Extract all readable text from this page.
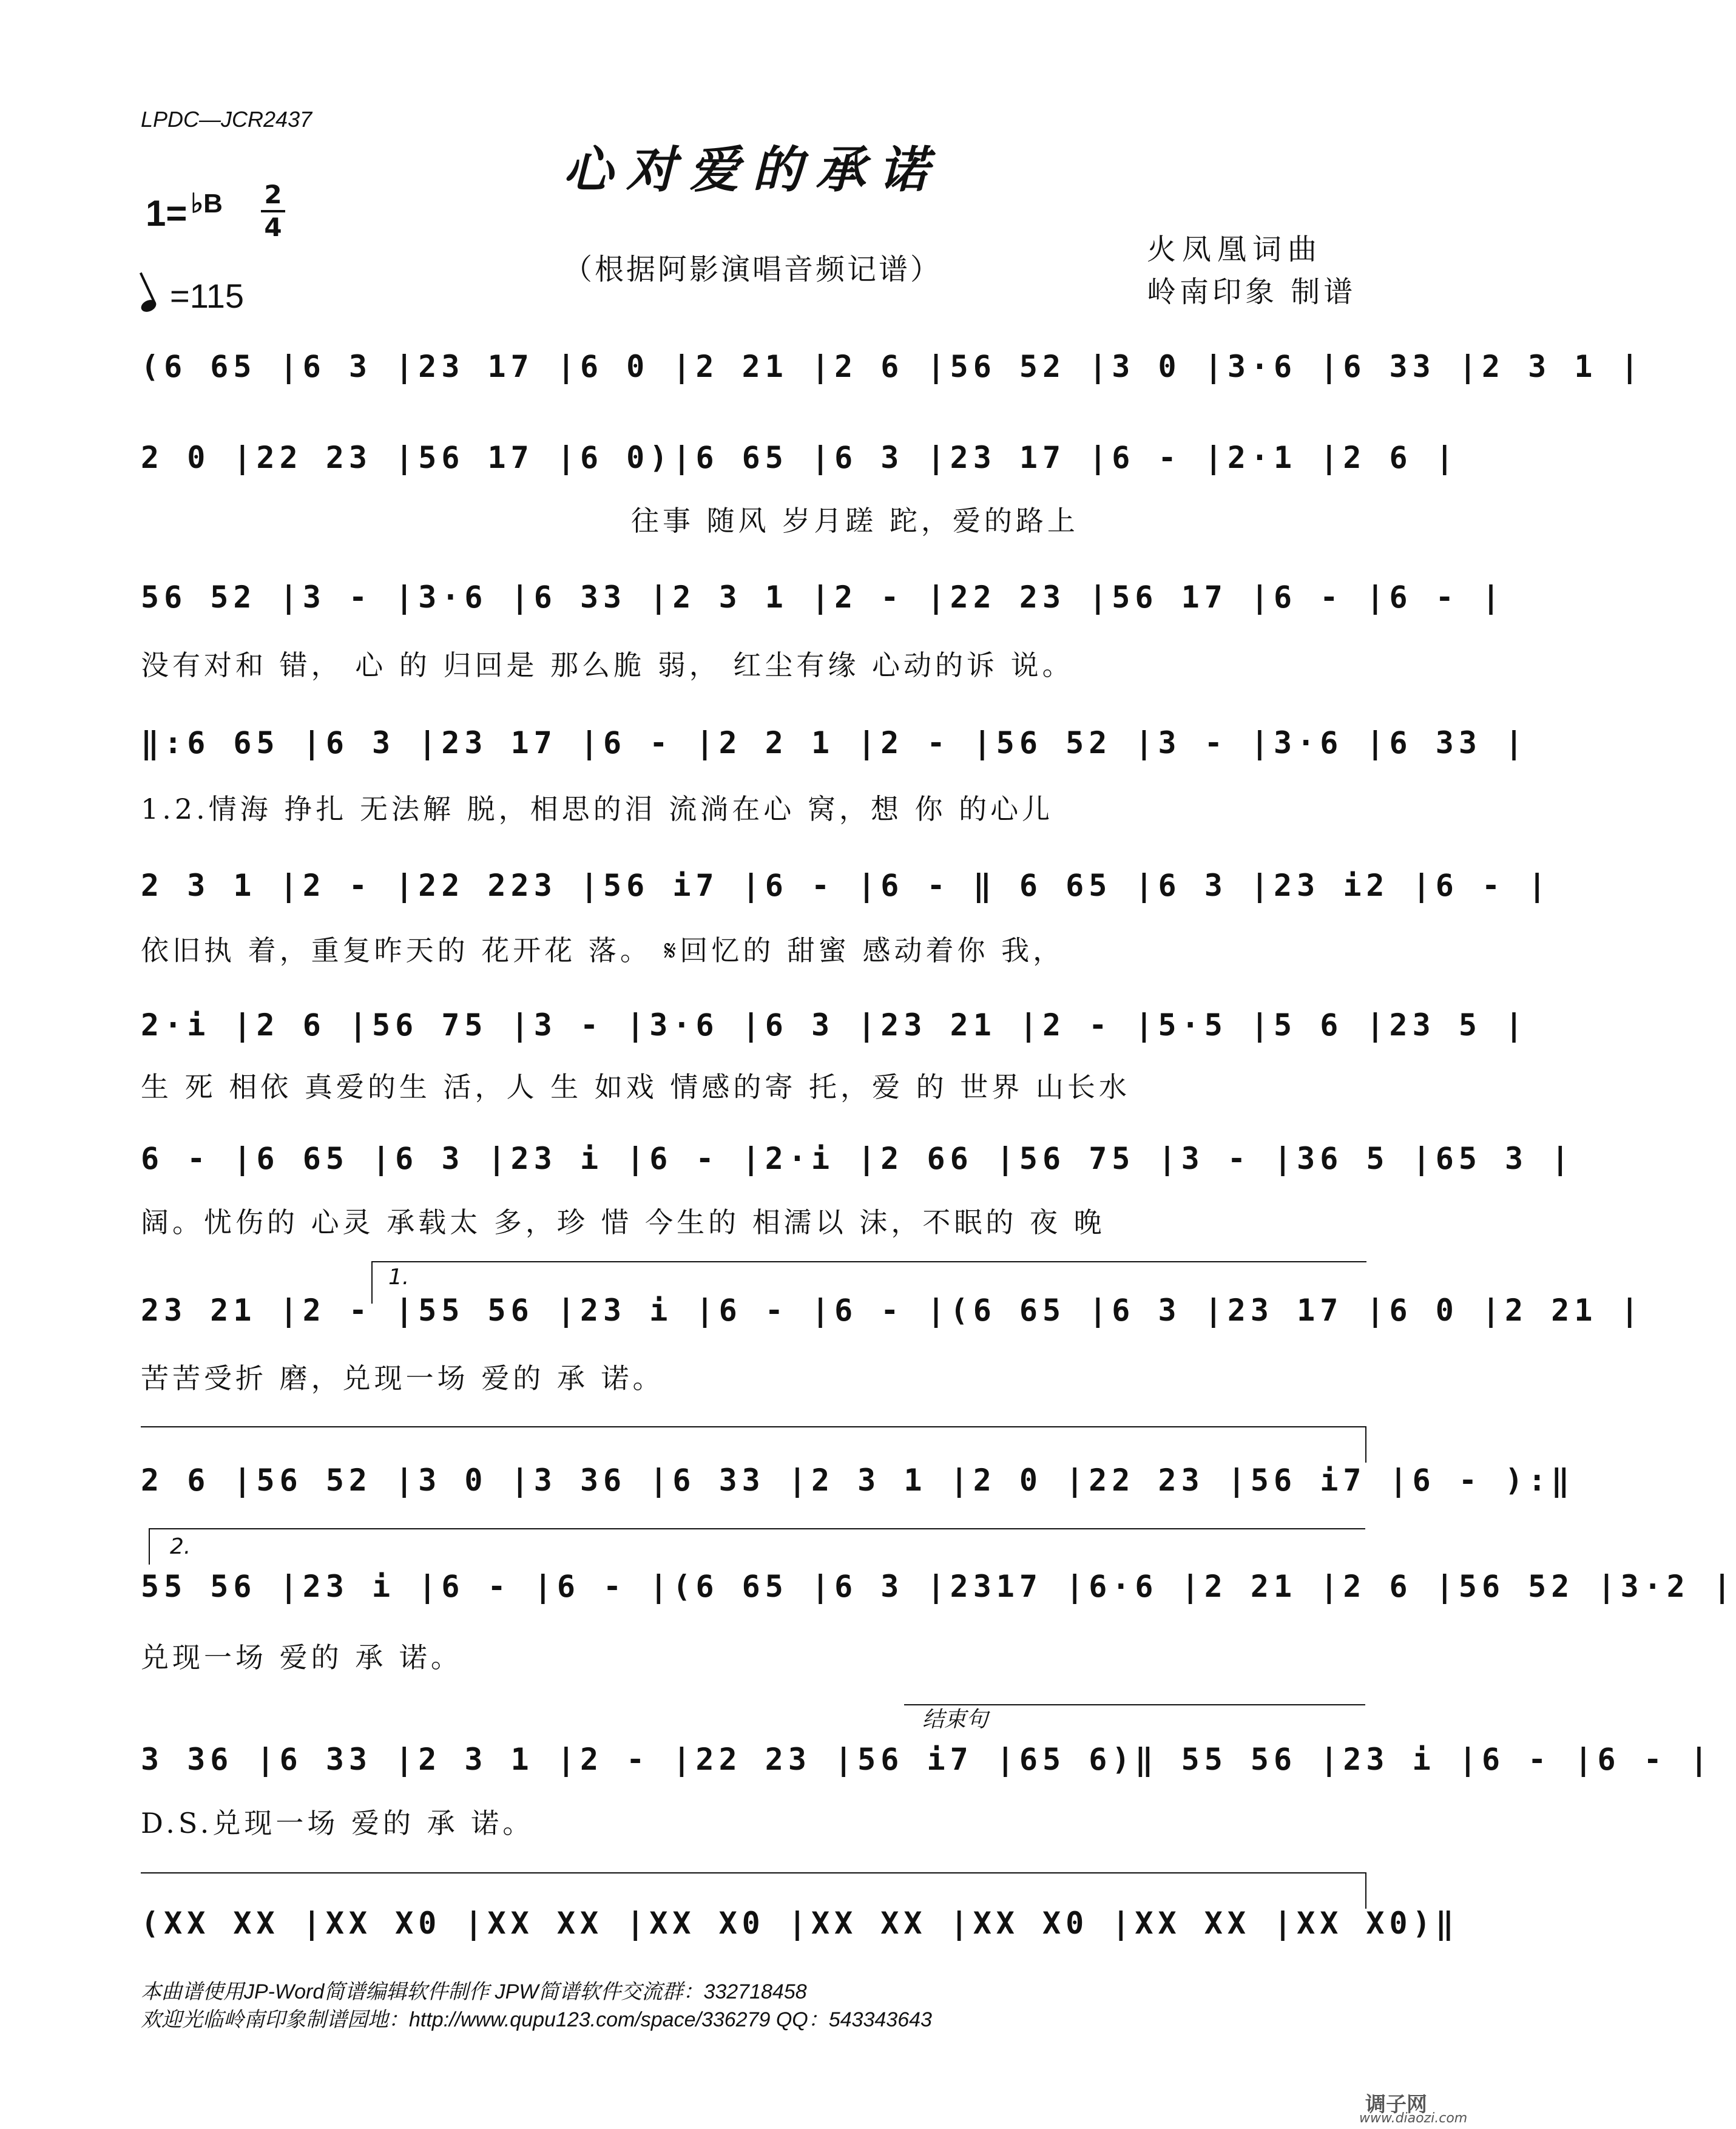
LPDC—JCR2437
心对爱的承诺
1= $^{♭B}$ 2
4
=115
（根据阿影演唱音频记谱）
火凤凰词曲
岭南印象 制谱
(6 65 |6 3 |23 17 |6 0 |2 21 |2 6 |56 52 |3 0 |3·6 |6 33 |2 3 1 |
2 0 |22 23 |56 17 |6 0)|6 65 |6 3 |23 17 |6 - |2·1 |2 6 |
往事 随风 岁月蹉 跎，爱的路上
56 52 |3 - |3·6 |6 33 |2 3 1 |2 - |22 23 |56 17 |6 - |6 - |
没有对和 错， 心 的 归回是 那么脆 弱， 红尘有缘 心动的诉 说。
‖:6 65 |6 3 |23 17 |6 - |2 2 1 |2 - |56 52 |3 - |3·6 |6 33 |
1.2.情海 挣扎 无法解 脱，相思的泪 流淌在心 窝，想 你 的心儿
2 3 1 |2 - |22 223 |56 i7 |6 - |6 - ‖ 6 65 |6 3 |23 i2 |6 - |
依旧执 着，重复昨天的 花开花 落。 𝄋回忆的 甜蜜 感动着你 我，
2·i |2 6 |56 75 |3 - |3·6 |6 3 |23 21 |2 - |5·5 |5 6 |23 5 |
生 死 相依 真爱的生 活，人 生 如戏 情感的寄 托，爱 的 世界 山长水
6 - |6 65 |6 3 |23 i |6 - |2·i |2 66 |56 75 |3 - |36 5 |65 3 |
阔。忧伤的 心灵 承载太 多，珍 惜 今生的 相濡以 沫，不眠的 夜 晚
1.
23 21 |2 - |55 56 |23 i |6 - |6 - |(6 65 |6 3 |23 17 |6 0 |2 21 |
苦苦受折 磨，兑现一场 爱的 承 诺。
2 6 |56 52 |3 0 |3 36 |6 33 |2 3 1 |2 0 |22 23 |56 i7 |6 - ):‖
2.
55 56 |23 i |6 - |6 - |(6 65 |6 3 |2317 |6·6 |2 21 |2 6 |56 52 |3·2 |
兑现一场 爱的 承 诺。
结束句
3 36 |6 33 |2 3 1 |2 - |22 23 |56 i7 |65 6)‖ 55 56 |23 i |6 - |6 - |
D.S.兑现一场 爱的 承 诺。
(XX XX |XX X0 |XX XX |XX X0 |XX XX |XX X0 |XX XX |XX X0)‖
本曲谱使用JP-Word简谱编辑软件制作 JPW简谱软件交流群：332718458
欢迎光临岭南印象制谱园地：http://www.qupu123.com/space/336279 QQ：543343643
调子网
www.diaozi.com
